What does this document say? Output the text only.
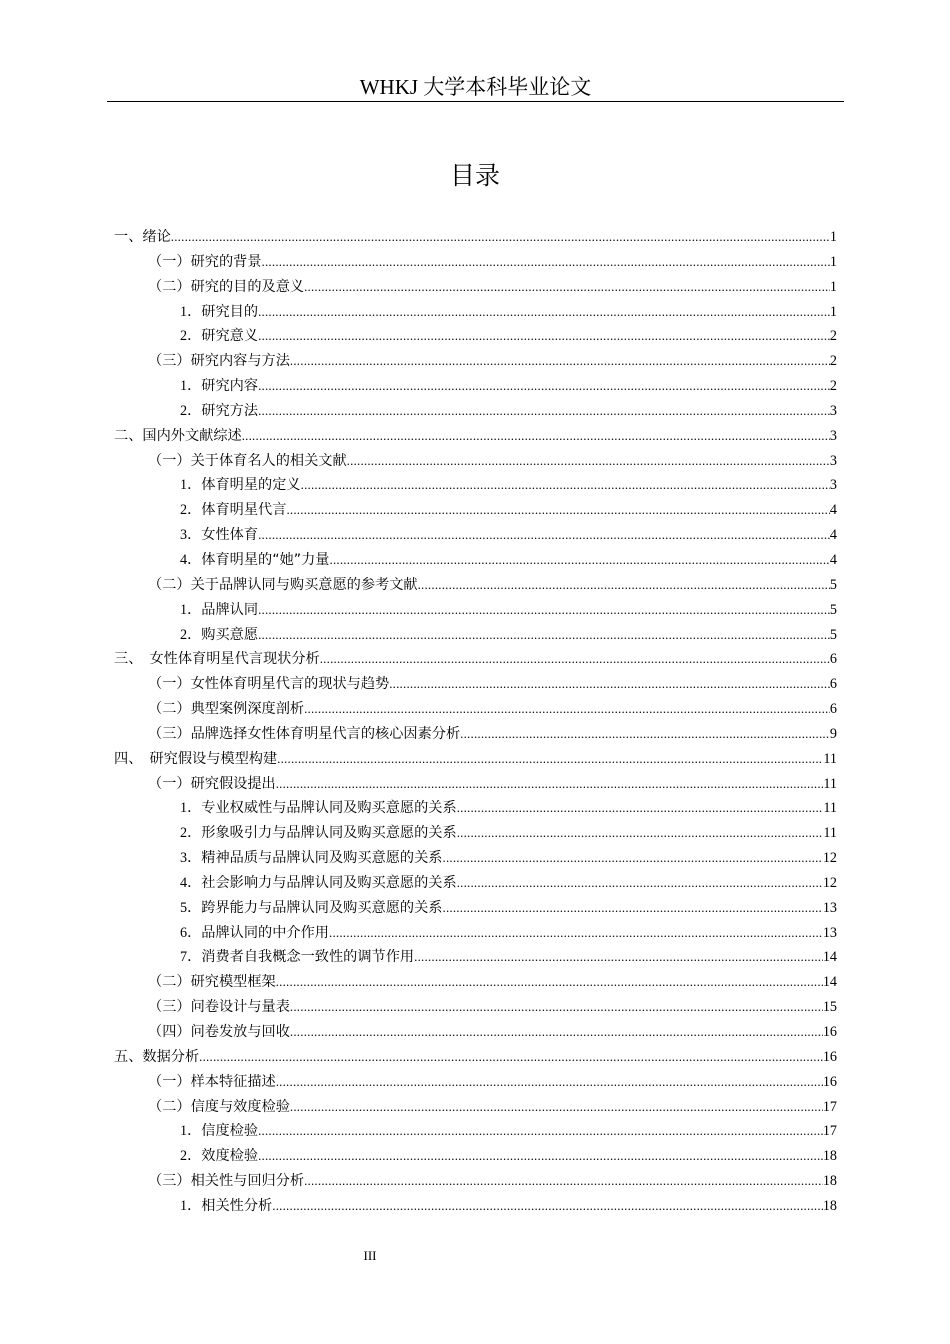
WHKJ 大学本科毕业论文
目录
一、绪论 .....	1
（一）研究的背景 .....	1
（二）研究的目的及意义 .....	1
1．研究目的 .....	1
2．研究意义 .....	2
（三）研究内容与方法 .....	2
1．研究内容 .....	2
2．研究方法 .....	3
二、国内外文献综述 .....	3
（一）关于体育名人的相关文献 .....	3
1．体育明星的定义 .....	3
2．体育明星代言 .....	4
3．女性体育 .....	4
4．体育明星的“她”力量 .....	4
（二）关于品牌认同与购买意愿的参考文献 .....	5
1．品牌认同 .....	5
2．购买意愿 .....	5
三、　女性体育明星代言现状分析 .....	6
（一）女性体育明星代言的现状与趋势 .....	6
（二）典型案例深度剖析 .....	6
（三）品牌选择女性体育明星代言的核心因素分析 .....	9
四、　研究假设与模型构建 .....	11
（一）研究假设提出 .....	11
1．专业权威性与品牌认同及购买意愿的关系 .....	11
2．形象吸引力与品牌认同及购买意愿的关系 .....	11
3．精神品质与品牌认同及购买意愿的关系 .....	12
4．社会影响力与品牌认同及购买意愿的关系 .....	12
5．跨界能力与品牌认同及购买意愿的关系 .....	13
6．品牌认同的中介作用 .....	13
7．消费者自我概念一致性的调节作用 .....	14
（二）研究模型框架 .....	14
（三）问卷设计与量表 .....	15
（四）问卷发放与回收 .....	16
五、数据分析 .....	16
（一）样本特征描述 .....	16
（二）信度与效度检验 .....	17
1．信度检验 .....	17
2．效度检验 .....	18
（三）相关性与回归分析 .....	18
1．相关性分析 .....	18
III
